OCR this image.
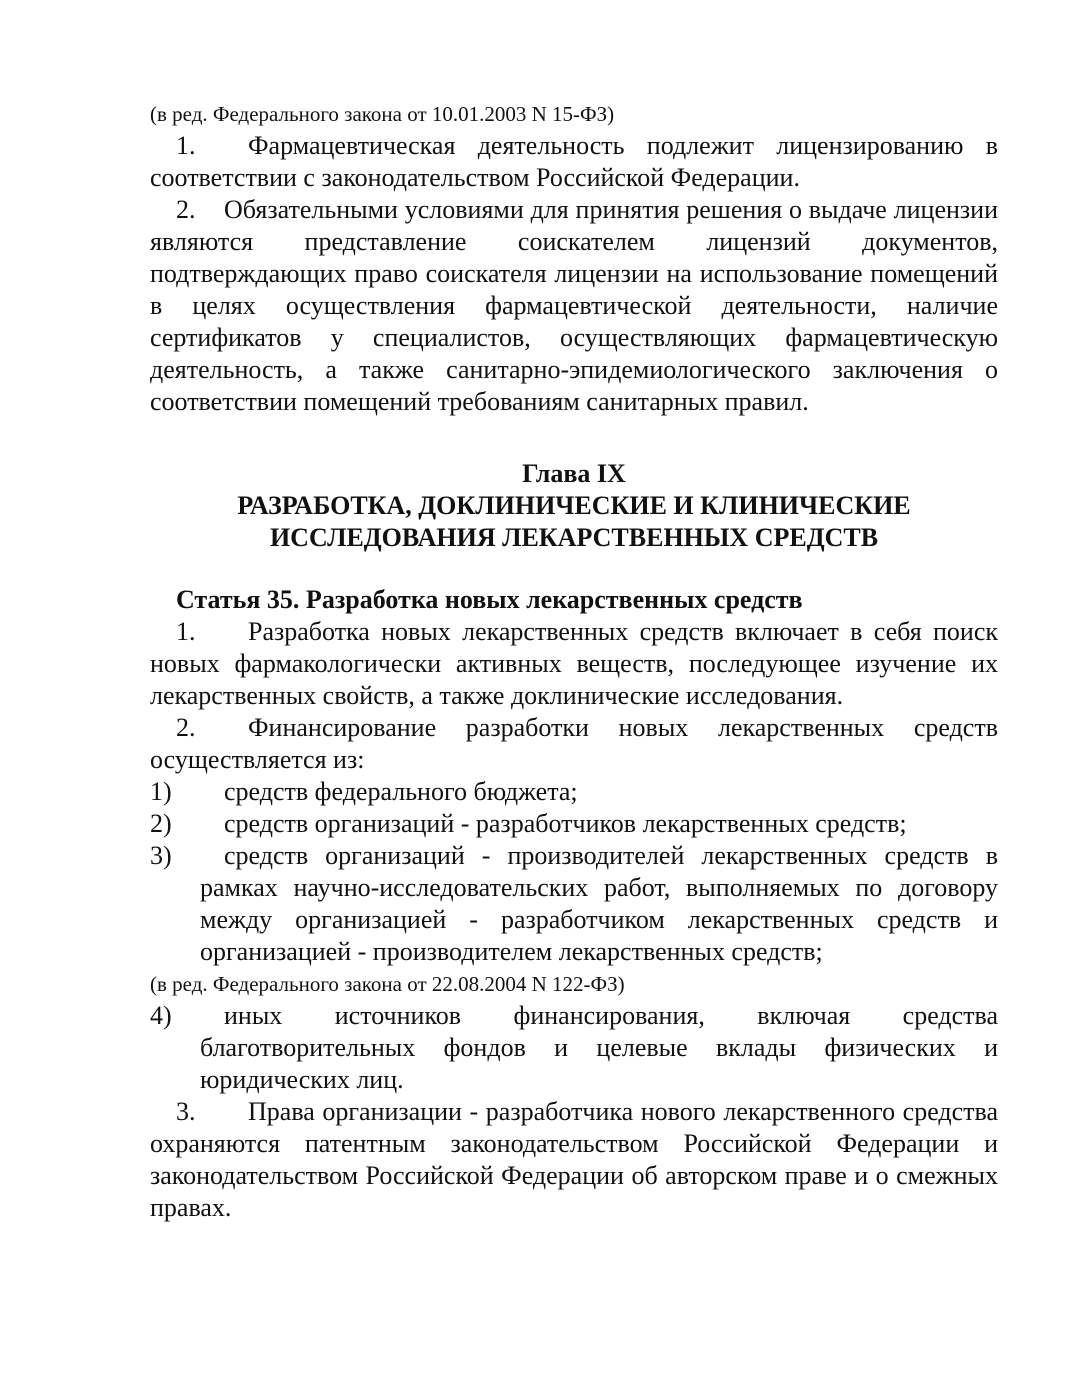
(в ред. Федерального закона от 10.01.2003 N 15-ФЗ)

1. Фармацевтическая деятельность подлежит лицензированию в соответствии с законодательством Российской Федерации.

2. Обязательными условиями для принятия решения о выдаче лицензии являются представление соискателем лицензий документов, подтверждающих право соискателя лицензии на использование помещений в целях осуществления фармацевтической деятельности, наличие сертификатов у специалистов, осуществляющих фармацевтическую деятельность, а также санитарно-эпидемиологического заключения о соответствии помещений требованиям санитарных правил.

Глава IX

РАЗРАБОТКА, ДОКЛИНИЧЕСКИЕ И КЛИНИЧЕСКИЕ

ИССЛЕДОВАНИЯ ЛЕКАРСТВЕННЫХ СРЕДСТВ

Статья 35. Разработка новых лекарственных средств

1. Разработка новых лекарственных средств включает в себя поиск новых фармакологически активных веществ, последующее изучение их лекарственных свойств, а также доклинические исследования.

2. Финансирование разработки новых лекарственных средств осуществляется из:

1) средств федерального бюджета;

2) средств организаций - разработчиков лекарственных средств;

3) средств организаций - производителей лекарственных средств в рамках научно-исследовательских работ, выполняемых по договору между организацией - разработчиком лекарственных средств и организацией - производителем лекарственных средств;

(в ред. Федерального закона от 22.08.2004 N 122-ФЗ)

4) иных источников финансирования, включая средства благотворительных фондов и целевые вклады физических и юридических лиц.

3. Права организации - разработчика нового лекарственного средства охраняются патентным законодательством Российской Федерации и законодательством Российской Федерации об авторском праве и о смежных правах.
